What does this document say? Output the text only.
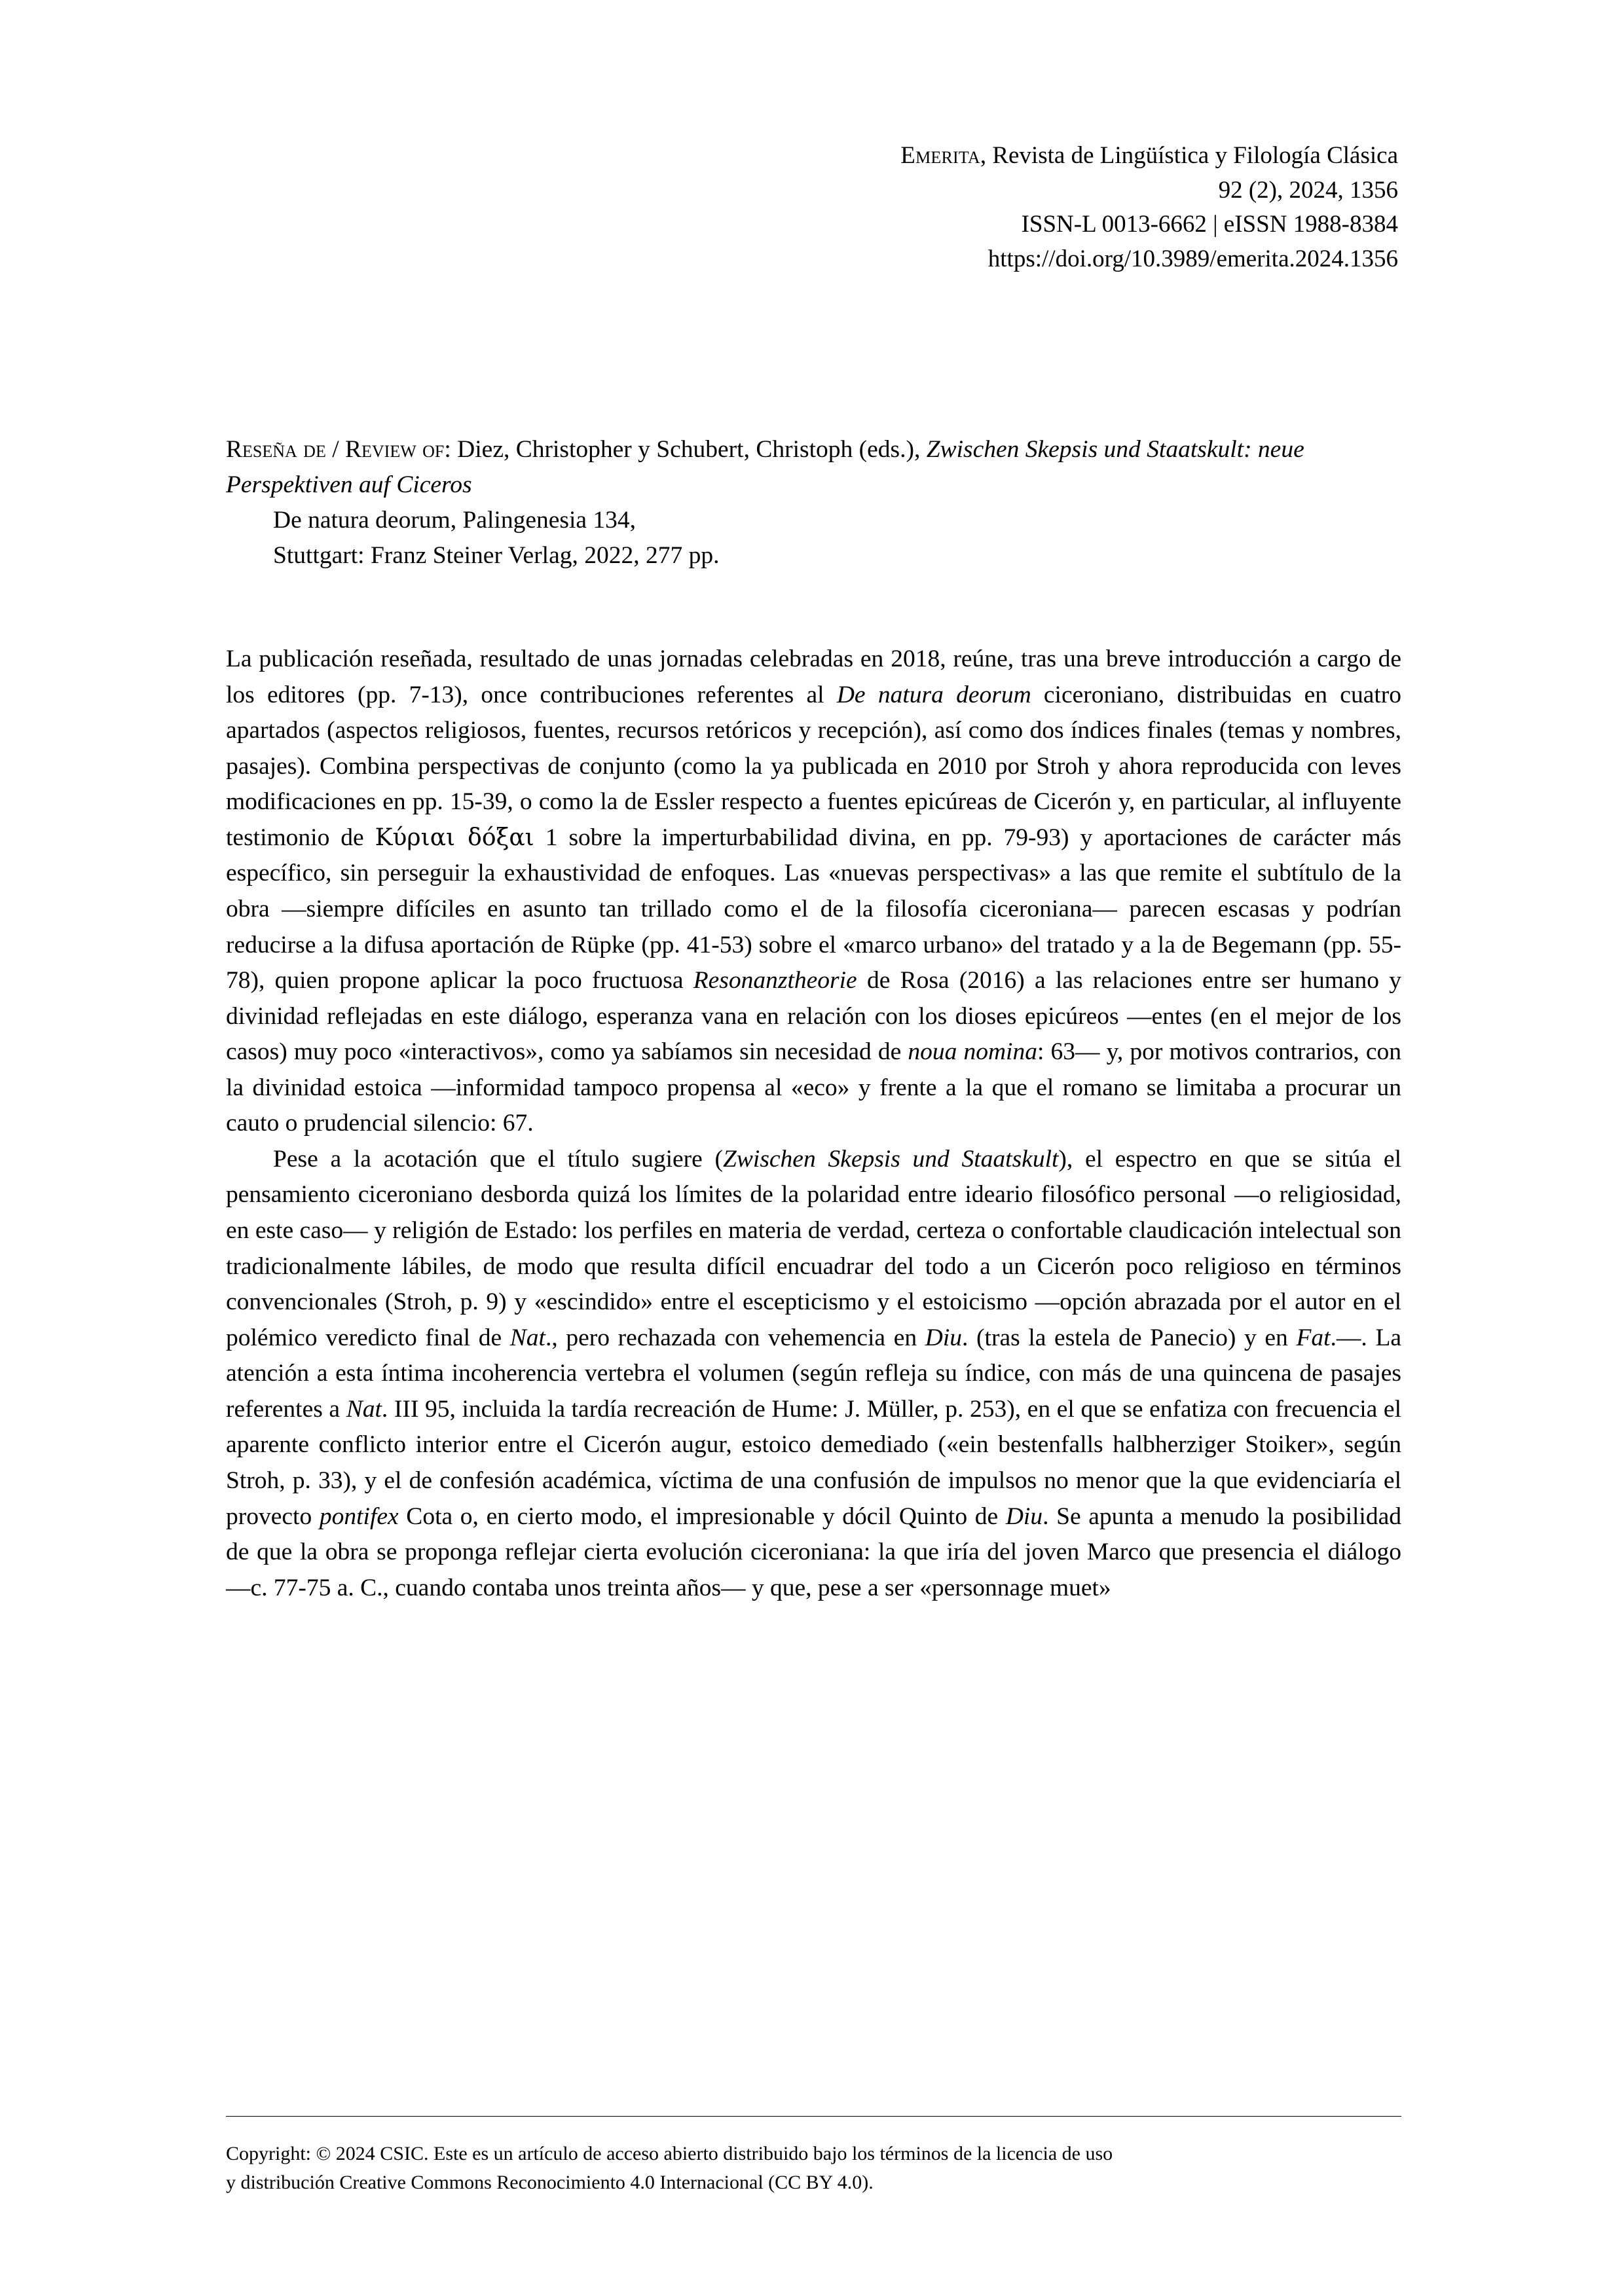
Emerita, Revista de Lingüística y Filología Clásica
92 (2), 2024, 1356
ISSN-L 0013-6662 | eISSN 1988-8384
https://doi.org/10.3989/emerita.2024.1356
Reseña de / Review of: Diez, Christopher y Schubert, Christoph (eds.), Zwischen Skepsis und Staatskult: neue Perspektiven auf Ciceros
De natura deorum, Palingenesia 134,
Stuttgart: Franz Steiner Verlag, 2022, 277 pp.

La publicación reseñada, resultado de unas jornadas celebradas en 2018, reúne, tras una breve introducción a cargo de los editores (pp. 7-13), once contribuciones referentes al De natura deorum ciceroniano, distribuidas en cuatro apartados (aspectos religiosos, fuentes, recursos retóricos y recepción), así como dos índices finales (temas y nombres, pasajes). Combina perspectivas de conjunto (como la ya publicada en 2010 por Stroh y ahora reproducida con leves modificaciones en pp. 15-39, o como la de Essler respecto a fuentes epicúreas de Cicerón y, en particular, al influyente testimonio de Κύριαι δόξαι 1 sobre la imperturbabilidad divina, en pp. 79-93) y aportaciones de carácter más específico, sin perseguir la exhaustividad de enfoques. Las «nuevas perspectivas» a las que remite el subtítulo de la obra —siempre difíciles en asunto tan trillado como el de la filosofía ciceroniana— parecen escasas y podrían reducirse a la difusa aportación de Rüpke (pp. 41-53) sobre el «marco urbano» del tratado y a la de Begemann (pp. 55-78), quien propone aplicar la poco fructuosa Resonanztheorie de Rosa (2016) a las relaciones entre ser humano y divinidad reflejadas en este diálogo, esperanza vana en relación con los dioses epicúreos —entes (en el mejor de los casos) muy poco «interactivos», como ya sabíamos sin necesidad de noua nomina: 63— y, por motivos contrarios, con la divinidad estoica —informidad tampoco propensa al «eco» y frente a la que el romano se limitaba a procurar un cauto o prudencial silencio: 67.

Pese a la acotación que el título sugiere (Zwischen Skepsis und Staatskult), el espectro en que se sitúa el pensamiento ciceroniano desborda quizá los límites de la polaridad entre ideario filosófico personal —o religiosidad, en este caso— y religión de Estado: los perfiles en materia de verdad, certeza o confortable claudicación intelectual son tradicionalmente lábiles, de modo que resulta difícil encuadrar del todo a un Cicerón poco religioso en términos convencionales (Stroh, p. 9) y «escindido» entre el escepticismo y el estoicismo —opción abrazada por el autor en el polémico veredicto final de Nat., pero rechazada con vehemencia en Diu. (tras la estela de Panecio) y en Fat.—. La atención a esta íntima incoherencia vertebra el volumen (según refleja su índice, con más de una quincena de pasajes referentes a Nat. III 95, incluida la tardía recreación de Hume: J. Müller, p. 253), en el que se enfatiza con frecuencia el aparente conflicto interior entre el Cicerón augur, estoico demediado («ein bestenfalls halbherziger Stoiker», según Stroh, p. 33), y el de confesión académica, víctima de una confusión de impulsos no menor que la que evidenciaría el provecto pontifex Cota o, en cierto modo, el impresionable y dócil Quinto de Diu. Se apunta a menudo la posibilidad de que la obra se proponga reflejar cierta evolución ciceroniana: la que iría del joven Marco que presencia el diálogo —c. 77-75 a. C., cuando contaba unos treinta años— y que, pese a ser «personnage muet»

Copyright: © 2024 CSIC. Este es un artículo de acceso abierto distribuido bajo los términos de la licencia de uso
y distribución Creative Commons Reconocimiento 4.0 Internacional (CC BY 4.0).
